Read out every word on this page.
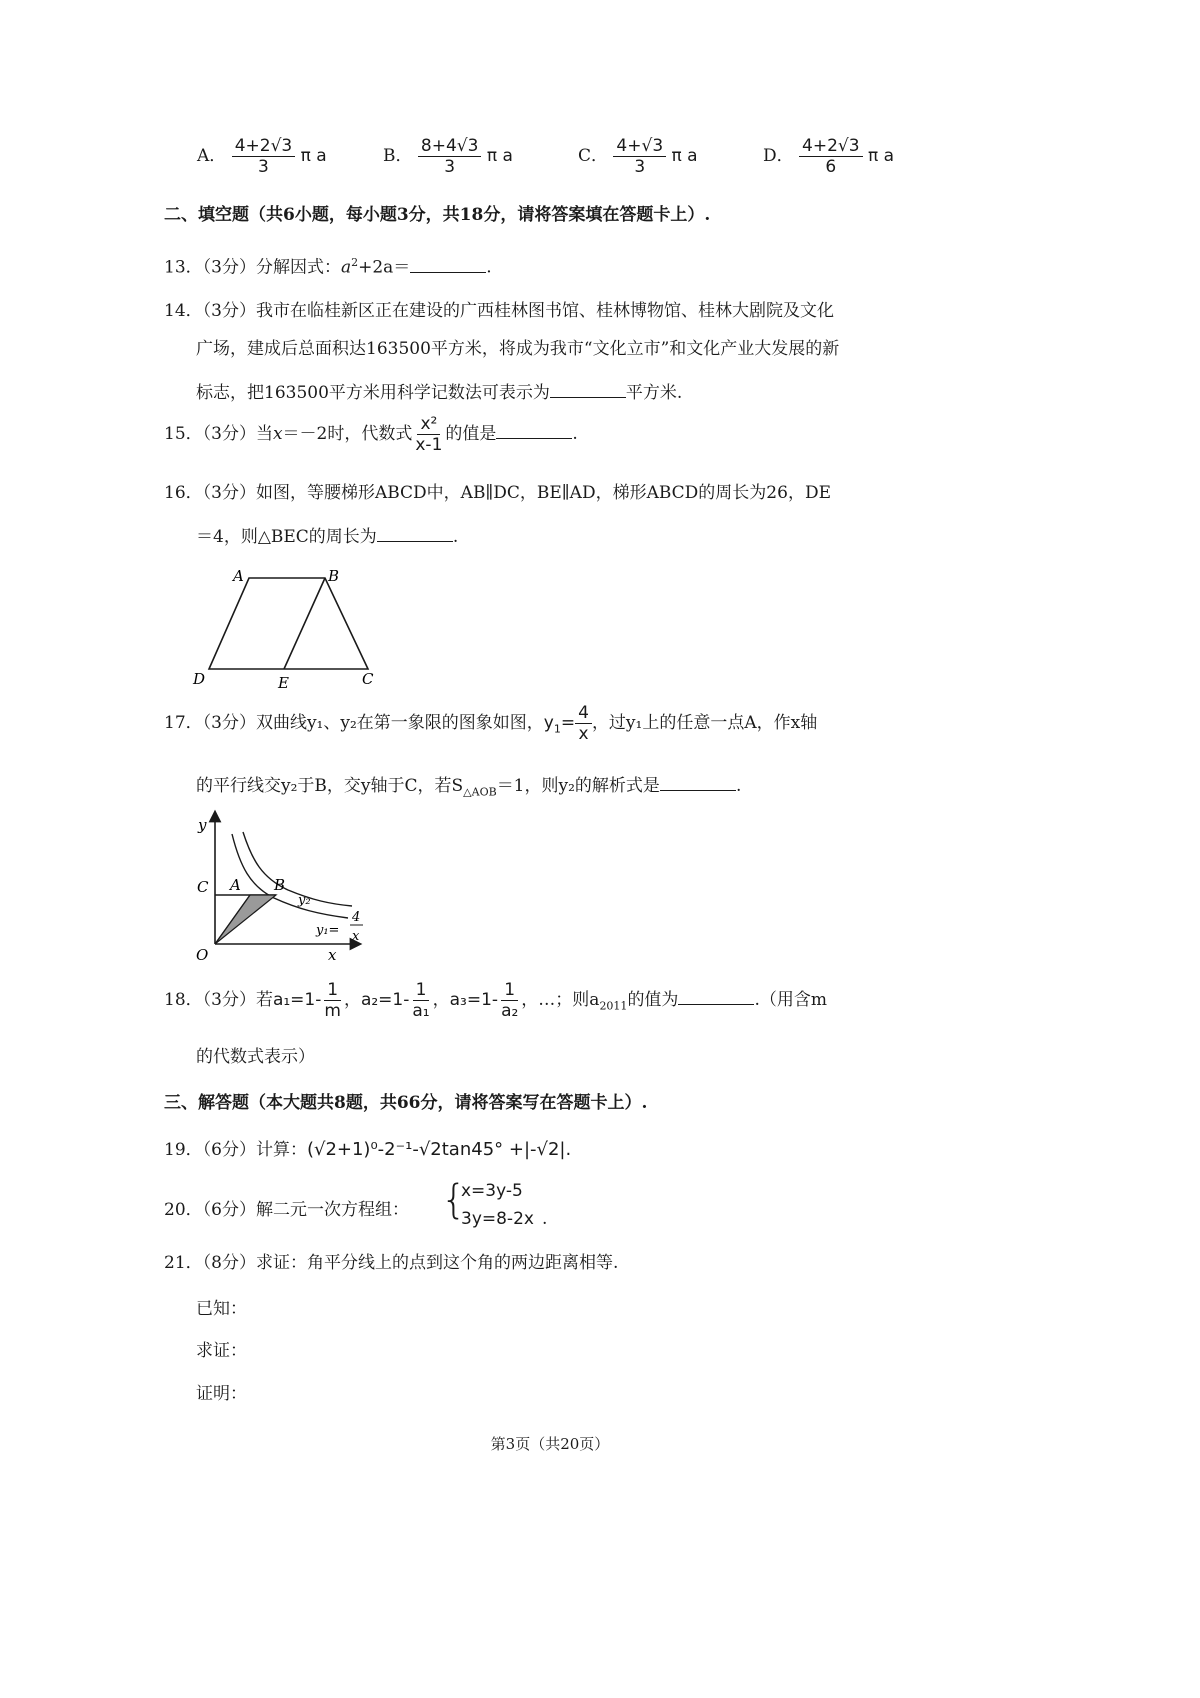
A． $\frac{4+2√3}{3}$ π a	B． $\frac{8+4√3}{3}$ π a	C． $\frac{4+√3}{3}$ π a	D． $\frac{4+2√3}{6}$ π a
二、填空题（共6小题，每小题3分，共18分，请将答案填在答题卡上）.
13．（3分）分解因式：$a^2+2a=$	.
14．（3分）我市在临桂新区正在建设的广西桂林图书馆、桂林博物馆、桂林大剧院及文化
广场，建成后总面积达163500平方米，将成为我市“文化立市”和文化产业大发展的新
标志，把163500平方米用科学记数法可表示为	平方米.
15．（3分）当x＝－2时，代数式 $\frac{\text{x²}}{x-1}$ 的值是	.
16．（3分）如图，等腰梯形ABCD中，AB∥DC，BE∥AD，梯形ABCD的周长为26，DE
＝4，则△BEC的周长为	.
A	B
C
D	E
17．（3分）双曲线y₁、y₂在第一象限的图象如图，$y_1= \frac{4}{x}$ ，过y₁上的任意一点A，作x轴
的平行线交y₂于B，交y轴于C，若$S_{\triangle AOB}=1$，则y₂的解析式是	.
y
x
O
C A B
y₂
y₁=
4
x
18．（3分）若$a_1=1- \frac{1}{m}$ ，$a_2=1- \frac{1}{\text{a₁}}$ ，$a_3=1- \frac{1}{\text{a₂}}$ ，…；则$a_{2011}$的值为	.（用含m
的代数式表示）
三、解答题（本大题共8题，共66分，请将答案写在答题卡上）.
19．（6分）计算：(√2+1)⁰-2⁻¹-√2tan45° +|-√2|.
20．（6分）解二元一次方程组： {
x=3y-5
3y=8-2x .
21．（8分）求证：角平分线上的点到这个角的两边距离相等.
已知：
求证：
证明：
第3页（共20页）
